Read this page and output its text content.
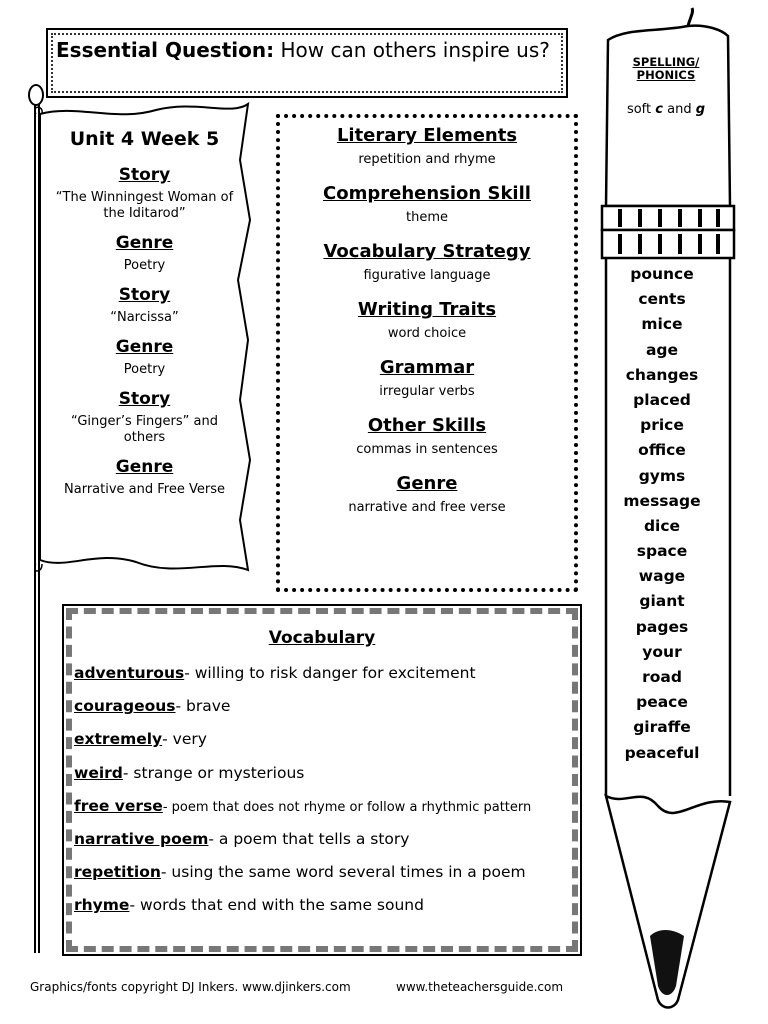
Essential Question: How can others inspire us?
Unit 4 Week 5
Story
“The Winningest Woman of the Iditarod”
Genre
Poetry
Story
“Narcissa”
Genre
Poetry
Story
“Ginger’s Fingers” and others
Genre
Narrative and Free Verse
Literary Elements
repetition and rhyme
Comprehension Skill
theme
Vocabulary Strategy
figurative language
Writing Traits
word choice
Grammar
irregular verbs
Other Skills
commas in sentences
Genre
narrative and free verse
Vocabulary
adventurous- willing to risk danger for excitement
courageous- brave
extremely- very
weird- strange or mysterious
free verse- poem that does not rhyme or follow a rhythmic pattern
narrative poem- a poem that tells a story
repetition- using the same word several times in a poem
rhyme- words that end with the same sound
SPELLING/
PHONICS
soft c and g
pounce
cents
mice
age
changes
placed
price
office
gyms
message
dice
space
wage
giant
pages
your
road
peace
giraffe
peaceful
Graphics/fonts copyright DJ Inkers. www.djinkers.com	www.theteachersguide.com
